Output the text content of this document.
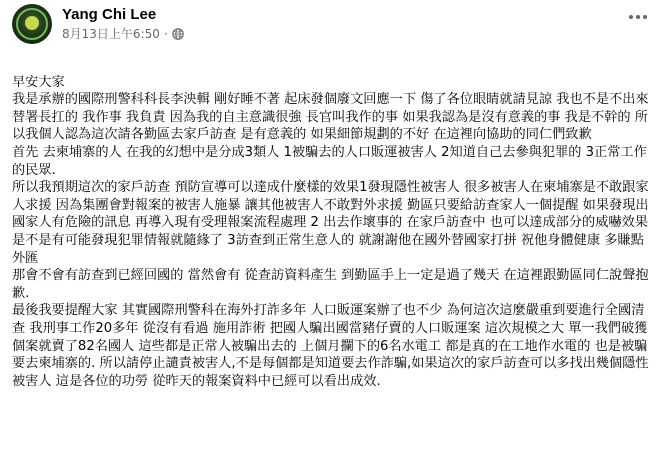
Yang Chi Lee
8月13日上午6:50 ·

早安大家

我是承辦的國際刑警科科長李泱輯 剛好睡不著 起床發個廢文回應一下 傷了各位眼睛就請見諒 我也不是不出來替署長扛的 我作事 我負責 因為我的自主意識很強 長官叫我作的事 如果我認為是沒有意義的事 我是不幹的 所以我個人認為這次請各勤區去家戶訪查 是有意義的 如果細節規劃的不好 在這裡向協助的同仁們致歉

首先 去柬埔寨的人 在我的幻想中是分成3類人 1被騙去的人口販運被害人 2知道自己去參與犯罪的 3正常工作的民眾.

所以我預期這次的家戶訪查 預防宣導可以達成什麼樣的效果1發現隱性被害人 很多被害人在柬埔寨是不敢跟家人求援 因為集團會對報案的被害人施暴 讓其他被害人不敢對外求援 勤區只要給訪查家人一個提醒 如果發現出國家人有危險的訊息 再導入現有受理報案流程處理 2 出去作壞事的 在家戶訪查中 也可以達成部分的威嚇效果 是不是有可能發現犯罪情報就隨緣了 3訪查到正常生意人的 就謝謝他在國外替國家打拼 祝他身體健康 多賺點外匯

那會不會有訪查到已經回國的 當然會有 從查訪資料產生 到勤區手上一定是過了幾天 在這裡跟勤區同仁說聲抱歉.

最後我要提醒大家 其實國際刑警科在海外打詐多年 人口販運案辦了也不少 為何這次這麼嚴重到要進行全國清查 我刑事工作20多年 從沒有看過 施用詐術 把國人騙出國當豬仔賣的人口販運案 這次規模之大 單一我們破獲個案就賣了82名國人 這些都是正常人被騙出去的 上個月攔下的6名水電工 都是真的在工地作水電的 也是被騙要去柬埔寨的. 所以請停止譴責被害人,不是每個都是知道要去作詐騙,如果這次的家戶訪查可以多找出幾個隱性被害人 這是各位的功勞 從昨天的報案資料中已經可以看出成效.
